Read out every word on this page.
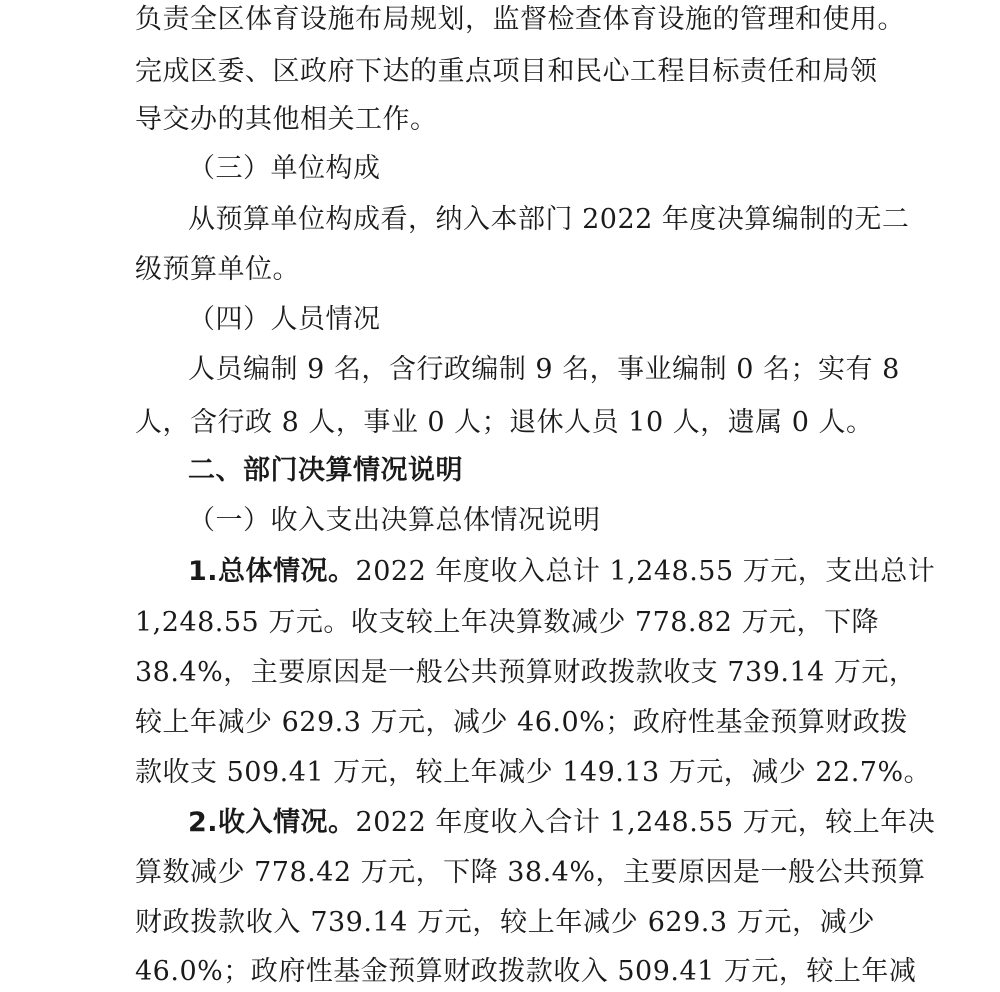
负责全区体育设施布局规划，监督检查体育设施的管理和使用。
完成区委、区政府下达的重点项目和民心工程目标责任和局领
导交办的其他相关工作。
（三）单位构成
从预算单位构成看，纳入本部门 2022 年度决算编制的无二
级预算单位。
（四）人员情况
人员编制 9 名，含行政编制 9 名，事业编制 0 名；实有 8
人，含行政 8 人，事业 0 人；退休人员 10 人，遗属 0 人。
二、部门决算情况说明
（一）收入支出决算总体情况说明
1.总体情况。2022 年度收入总计 1,248.55 万元，支出总计
1,248.55 万元。收支较上年决算数减少 778.82 万元，下降
38.4%，主要原因是一般公共预算财政拨款收支 739.14 万元，
较上年减少 629.3 万元，减少 46.0%；政府性基金预算财政拨
款收支 509.41 万元，较上年减少 149.13 万元，减少 22.7%。
2.收入情况。2022 年度收入合计 1,248.55 万元，较上年决
算数减少 778.42 万元，下降 38.4%，主要原因是一般公共预算
财政拨款收入 739.14 万元，较上年减少 629.3 万元，减少
46.0%；政府性基金预算财政拨款收入 509.41 万元，较上年减
